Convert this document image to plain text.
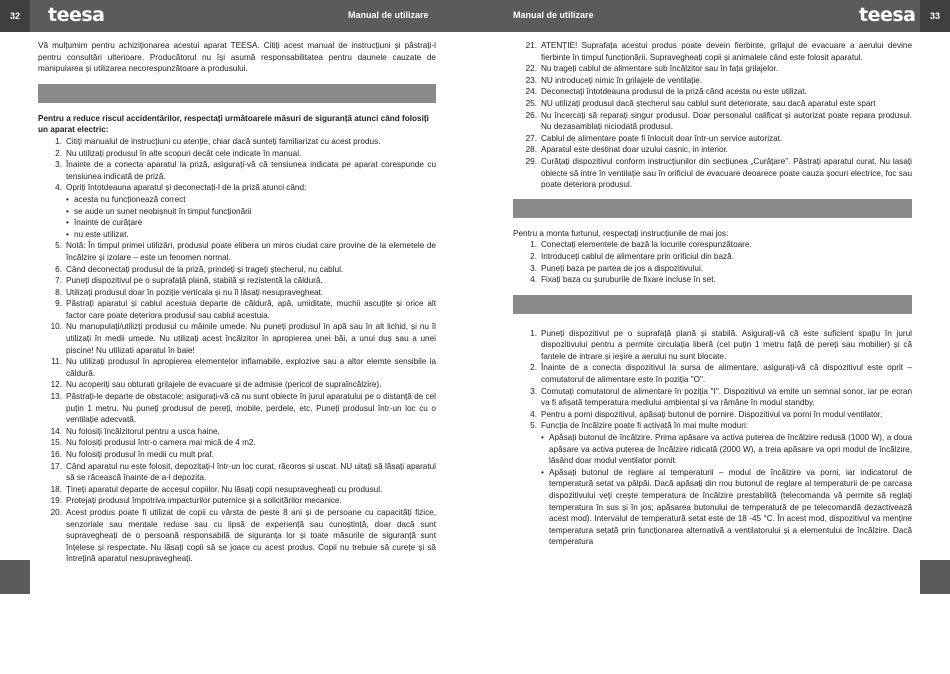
32	teesa	Manual de utilizare	Manual de utilizare	teesa	33

Vă mulțumim pentru achiziționarea acestui aparat TEESA. Citiți acest manual de instrucțiuni și păstrați-l pentru consultări ulterioare. Producătorul nu își asumă responsabilitatea pentru daunele cauzate de manipularea și utilizarea necorespunzătoare a produsului.

Pentru a reduce riscul accidentărilor, respectați următoarele măsuri de siguranță atunci când folosiți un aparat electric:

1. Citiți manualul de instrucțiuni cu atenție, chiar dacă sunteți familiarizat cu acest produs.
2. Nu utilizați produsul în alte scopuri decât cele indicate în manual.
3. Înainte de a conecta aparatul la priză, asigurați-vă că tensiunea indicata pe aparat corespunde cu tensiunea indicată de priză.
4. Opriți întotdeauna aparatul și deconectați-l de la priză atunci când:
• acesta nu funcționează correct
• se aude un sunet neobișnuit în timpul funcționării
• înainte de curățare
• nu este utilizat.
5. Notă: În timpul primei utilizări, produsul poate elibera un miros ciudat care provine de la elemetele de încălzire și izolare – este un fenomen normal.
6. Când deconectați produsul de la priză, prindeți și trageți ștecherul, nu cablul.
7. Puneți dispozitivul pe o suprafață plană, stabilă și rezistentă la căldură.
8. Utilizați produsul doar în poziție verticala și nu îl lăsați nesupravegheat.
9. Păstrați aparatul și cablul acestuia departe de căldură, apă, umiditate, muchii ascuțite și orice alt factor care poate deteriora produsul sau cablul acestuia.
10. Nu manupulați/utilizți produsul cu mâinile umede. Nu puneți produsul în apă sau în alt lichid, și nu îl utilizați în medii umede. Nu utilizați acest încălzitor în apropierea unei băi, a unui duș sau a unei piscine! Nu utilizati aparatul în baie!
11. Nu utilizați produsul în apropierea elementelor inflamabile, explozive sau a altor elemte sensibile la căldură.
12. Nu acoperiți sau obturati grilajele de evacuare și de admisie (pericol de supraîncălzire).
13. Păstrați-le departe de obstacole; asigurați-vă că nu sunt obiecte în jurul aparatului pe o distanță de cel puțin 1 metru. Nu puneți produsul de pereți, mobile, perdele, etc. Puneți produsul într-un loc cu o ventilație adecvată.
14. Nu folosiți încălzitorul pentru a usca haine.
15. Nu folosiți produsul într-o camera mai mică de 4 m2.
16. Nu folosiți produsul în medii cu mult praf.
17. Când aparatul nu este folosit, depozitați-l într-un loc curat, răcoros și uscat. NU uitați să lăsați aparatul să se răcească înainte de a-l depozita.
18. Țineți aparatul departe de accesul copiilor. Nu lăsați copii nesupravegheați cu produsul.
19. Protejați produsul împotriva impacturilor puternice și a solicitărilor mecanice.
20. Acest produs poate fi utilizat de copii cu vârsta de peste 8 ani și de persoane cu capacități fizice, senzoriale sau mentale reduse sau cu lipsă de experiență sau cunoștință, doar dacă sunt supravegheați de o persoană responsabilă de siguranța lor și toate măsurile de siguranță sunt înțelese și respectate. Nu lăsați copii să se joace cu acest produs. Copii nu trebuie să curețe și să întrețină aparatul nesupravegheați.
21. ATENȚIE! Suprafața acestui produs poate devein fierbinte, grilajul de evacuare a aerului devine fierbinte în timpul funcționării. Supravegheați copii și animalele când este folosit aparatul.
22. Nu trageți cablul de alimentare sub încălzitor sau în fața grilajelor.
23. NU introduceți nimic în grilajele de ventilație.
24. Deconectați întotdeauna produsul de la priză când acesta nu este utilizat.
25. NU utilizați produsul dacă ștecherul sau cablul sunt deteriorate, sau dacă aparatul este spart
26. Nu încercați să reparați singur produsul. Doar personalul calificat și autorizat poate repara produsul. Nu dezasamblați niciodată produsul.
27. Cablul de alimentare poate fi înlocuit doar într-un service autorizat.
28. Aparatul este destinat doar uzului casnic, in interior.
29. Curățați dispozitivul conform instrucțiunilor din secțiunea „Curățare”. Păstrați aparatul curat. Nu lasați obiecte să intre în ventilație sau în orificiul de evacuare deoarece poate cauza șocuri electrice, foc sau poate deteriora produsul.

Pentru a monta furtunul, respectați instrucțiunile de mai jos:

1. Conectați elementele de bază la locurile corespunzătoare.
2. Introduceți cablul de alimentare prin orificiul din bază.
3. Puneți baza pe partea de jos a dispozitivului.
4. Fixați baza cu șuruburile de fixare incluse în set.
1. Puneți dispozitivul pe o suprafață plană și stabilă. Asigurați-vă că este suficient spațiu în jurul dispozitivului pentru a permite circulația liberă (cel puțin 1 metru față de pereți sau mobilier) și că fantele de intrare și ieșire a aerului nu sunt blocate.
2. Înainte de a conecta dispozitivul la sursa de alimentare, asigurați-vă că dispozitivul este oprit – comutatorul de alimentare este în poziția "O".
3. Comutați comutatorul de alimentare în poziția "I". Dispozitivul va emite un semnal sonor, iar pe ecran va fi afișată temperatura mediului ambiental și va rămâne în modul standby.
4. Pentru a porni dispozitivul, apăsați butonul de pornire. Dispozitivul va porni în modul ventilator.
5. Funcția de încălzire poate fi activată în mai multe moduri:
• Apăsați butonul de încălzire. Prima apăsare va activa puterea de încălzire redusă (1000 W), a doua apăsare va activa puterea de încălzire ridicată (2000 W), a treia apăsare va opri modul de încălzire, lăsând doar modul ventilator pornit.
• Apăsați butonul de reglare al temperaturii – modul de încălzire va porni, iar indicatorul de temperatură setat va pâlpâi. Dacă apăsați din nou butonul de reglare al temperaturii de pe carcasa dispozitivului veți crește temperatura de încălzire prestabilită (telecomanda vă permite să reglați temperatura în sus și în jos; apăsarea butonului de temperatură de pe telecomandă dezactivează acest mod). Intervalul de temperatură setat este de 18 -45 °C. În acest mod, dispozitivul va menține temperatura setată prin funcționarea alternativă a ventilatorului și a elementului de încălzire. Dacă temperatura
